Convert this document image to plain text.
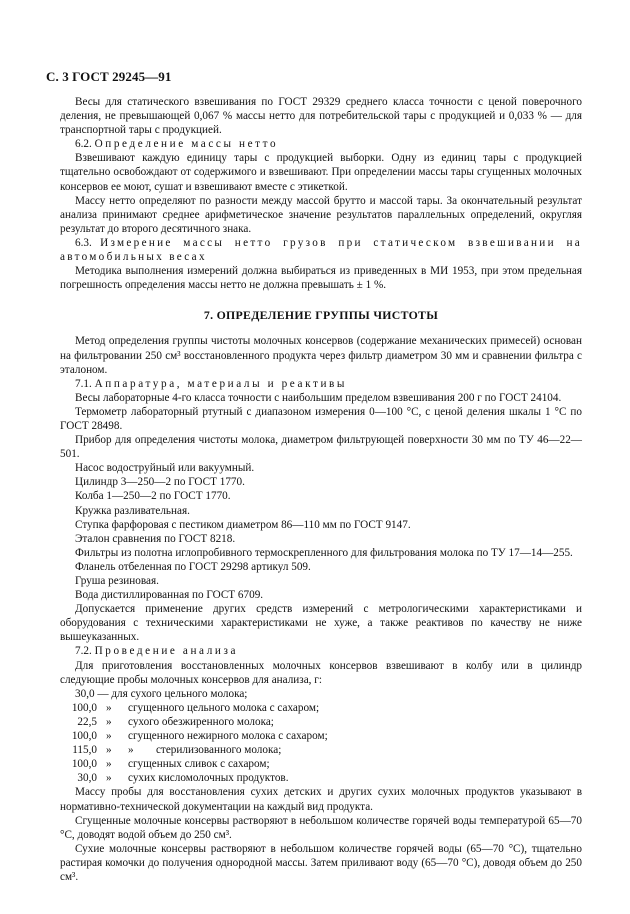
С. 3 ГОСТ 29245—91

Весы для статического взвешивания по ГОСТ 29329 среднего класса точности с ценой поверочного деления, не превышающей 0,067 % массы нетто для потребительской тары с продукцией и 0,033 % — для транспортной тары с продукцией.

6.2. Определение массы нетто

Взвешивают каждую единицу тары с продукцией выборки. Одну из единиц тары с продукцией тщательно освобождают от содержимого и взвешивают. При определении массы тары сгущенных молочных консервов ее моют, сушат и взвешивают вместе с этикеткой.

Массу нетто определяют по разности между массой брутто и массой тары. За окончательный результат анализа принимают среднее арифметическое значение результатов параллельных определений, округляя результат до второго десятичного знака.

6.3. Измерение массы нетто грузов при статическом взвешивании на автомобильных весах

Методика выполнения измерений должна выбираться из приведенных в МИ 1953, при этом предельная погрешность определения массы нетто не должна превышать ± 1 %.

7. ОПРЕДЕЛЕНИЕ ГРУППЫ ЧИСТОТЫ

Метод определения группы чистоты молочных консервов (содержание механических примесей) основан на фильтровании 250 см³ восстановленного продукта через фильтр диаметром 30 мм и сравнении фильтра с эталоном.

7.1. Аппаратура, материалы и реактивы

Весы лабораторные 4-го класса точности с наибольшим пределом взвешивания 200 г по ГОСТ 24104.

Термометр лабораторный ртутный с диапазоном измерения 0—100 °С, с ценой деления шкалы 1 °С по ГОСТ 28498.

Прибор для определения чистоты молока, диаметром фильтрующей поверхности 30 мм по ТУ 46—22—501.

Насос водоструйный или вакуумный.

Цилиндр 3—250—2 по ГОСТ 1770.

Колба 1—250—2 по ГОСТ 1770.

Кружка разливательная.

Ступка фарфоровая с пестиком диаметром 86—110 мм по ГОСТ 9147.

Эталон сравнения по ГОСТ 8218.

Фильтры из полотна иглопробивного термоскрепленного для фильтрования молока по ТУ 17—14—255.

Фланель отбеленная по ГОСТ 29298 артикул 509.

Груша резиновая.

Вода дистиллированная по ГОСТ 6709.

Допускается применение других средств измерений с метрологическими характеристиками и оборудования с техническими характеристиками не хуже, а также реактивов по качеству не ниже вышеуказанных.

7.2. Проведение анализа

Для приготовления восстановленных молочных консервов взвешивают в колбу или в цилиндр следующие пробы молочных консервов для анализа, г:

30,0 — для сухого цельного молока;

100,0 »	сгущенного цельного молока с сахаром;
22,5 »	сухого обезжиренного молока;
100,0 »	сгущенного нежирного молока с сахаром;
115,0 »	»        стерилизованного молока;
100,0 »	сгущенных сливок с сахаром;
30,0 »	сухих кисломолочных продуктов.

Массу пробы для восстановления сухих детских и других сухих молочных продуктов указывают в нормативно-технической документации на каждый вид продукта.

Сгущенные молочные консервы растворяют в небольшом количестве горячей воды температурой 65—70 °С, доводят водой объем до 250 см³.

Сухие молочные консервы растворяют в небольшом количестве горячей воды (65—70 °С), тщательно растирая комочки до получения однородной массы. Затем приливают воду (65—70 °С), доводя объем до 250 см³.
